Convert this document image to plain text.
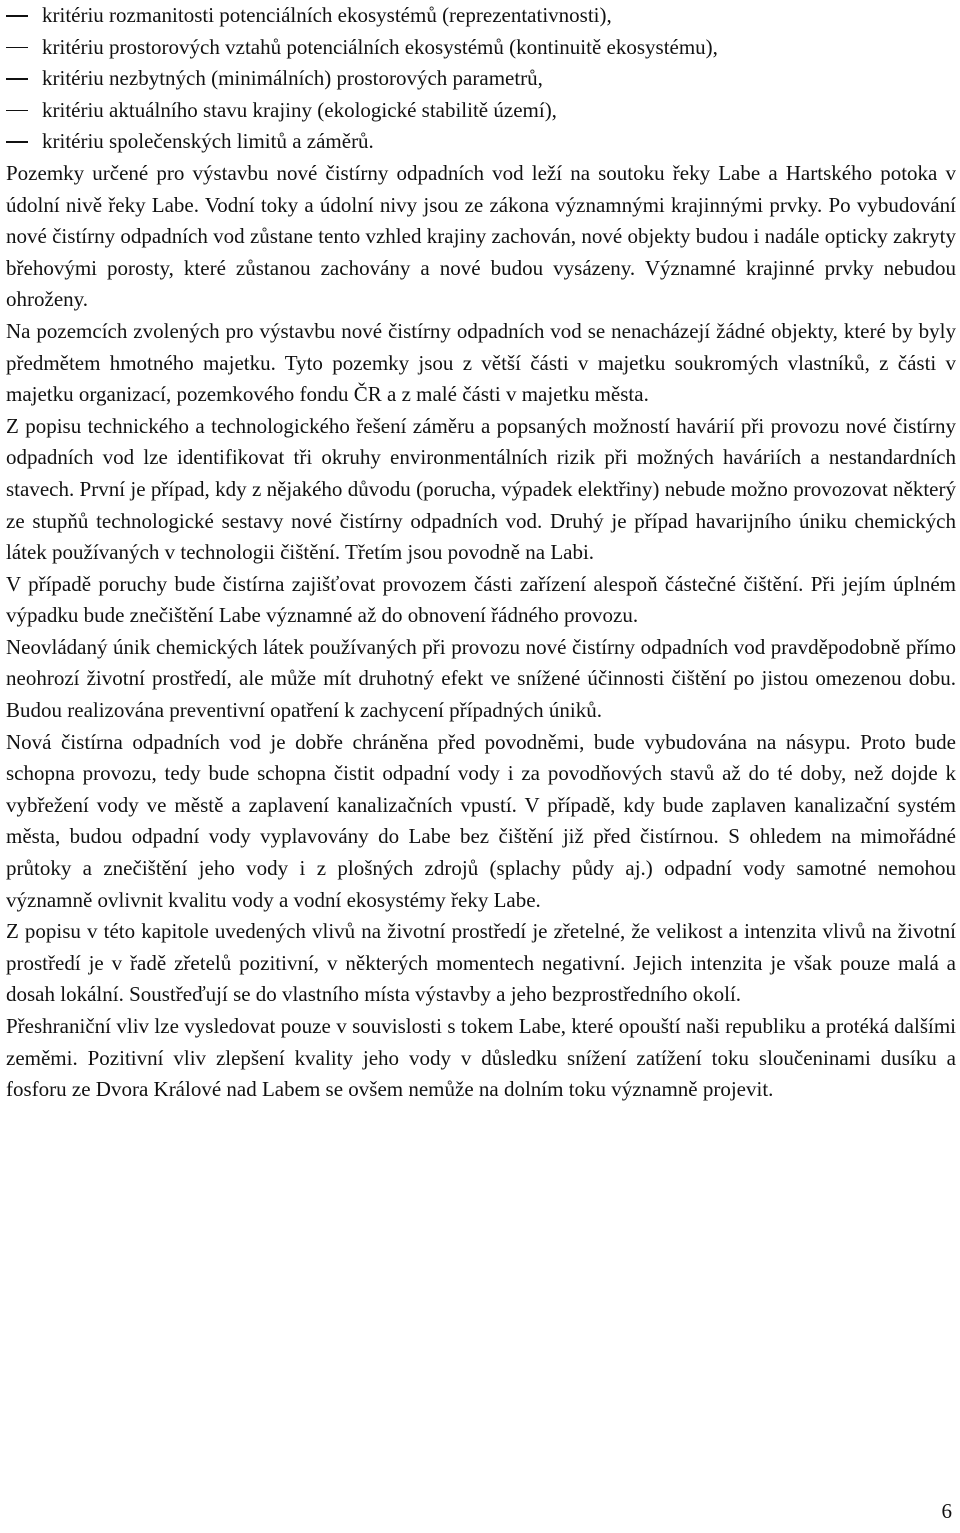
kritériu rozmanitosti potenciálních ekosystémů (reprezentativnosti),
kritériu prostorových vztahů potenciálních ekosystémů (kontinuitě ekosystému),
kritériu nezbytných (minimálních) prostorových parametrů,
kritériu aktuálního stavu krajiny (ekologické stabilitě území),
kritériu společenských limitů a záměrů.

Pozemky určené pro výstavbu nové čistírny odpadních vod leží na soutoku řeky Labe a Hartského potoka v údolní nivě řeky Labe. Vodní toky a údolní nivy jsou ze zákona významnými krajinnými prvky. Po vybudování nové čistírny odpadních vod zůstane tento vzhled krajiny zachován, nové objekty budou i nadále opticky zakryty břehovými porosty, které zůstanou zachovány a nové budou vysázeny. Významné krajinné prvky nebudou ohroženy.

Na pozemcích zvolených pro výstavbu nové čistírny odpadních vod se nenacházejí žádné objekty, které by byly předmětem hmotného majetku. Tyto pozemky jsou z větší části v majetku soukromých vlastníků, z části v majetku organizací, pozemkového fondu ČR a z malé části v majetku města.

Z popisu technického a technologického řešení záměru a popsaných možností havárií při provozu nové čistírny odpadních vod lze identifikovat tři okruhy environmentálních rizik při možných haváriích a nestandardních stavech. První je případ, kdy z nějakého důvodu (porucha, výpadek elektřiny) nebude možno provozovat některý ze stupňů technologické sestavy nové čistírny odpadních vod. Druhý je případ havarijního úniku chemických látek používaných v technologii čištění. Třetím jsou povodně na Labi.

V případě poruchy bude čistírna zajišťovat provozem části zařízení alespoň částečné čištění. Při jejím úplném výpadku bude znečištění Labe významné až do obnovení řádného provozu.

Neovládaný únik chemických látek používaných při provozu nové čistírny odpadních vod pravděpodobně přímo neohrozí životní prostředí, ale může mít druhotný efekt ve snížené účinnosti čištění po jistou omezenou dobu. Budou realizována preventivní opatření k zachycení případných úniků.

Nová čistírna odpadních vod je dobře chráněna před povodněmi, bude vybudována na násypu. Proto bude schopna provozu, tedy bude schopna čistit odpadní vody i za povodňových stavů až do té doby, než dojde k vybřežení vody ve městě a zaplavení kanalizačních vpustí. V případě, kdy bude zaplaven kanalizační systém města, budou odpadní vody vyplavovány do Labe bez čištění již před čistírnou. S ohledem na mimořádné průtoky a znečištění jeho vody i z plošných zdrojů (splachy půdy aj.) odpadní vody samotné nemohou významně ovlivnit kvalitu vody a vodní ekosystémy řeky Labe.

Z popisu v této kapitole uvedených vlivů na životní prostředí je zřetelné, že velikost a intenzita vlivů na životní prostředí je v řadě zřetelů pozitivní, v některých momentech negativní. Jejich intenzita je však pouze malá a dosah lokální. Soustřeďují se do vlastního místa výstavby a jeho bezprostředního okolí.

Přeshraniční vliv lze vysledovat pouze v souvislosti s tokem Labe, které opouští naši republiku a protéká dalšími zeměmi. Pozitivní vliv zlepšení kvality jeho vody v důsledku snížení zatížení toku sloučeninami dusíku a fosforu ze Dvora Králové nad Labem se ovšem nemůže na dolním toku významně projevit.

6
